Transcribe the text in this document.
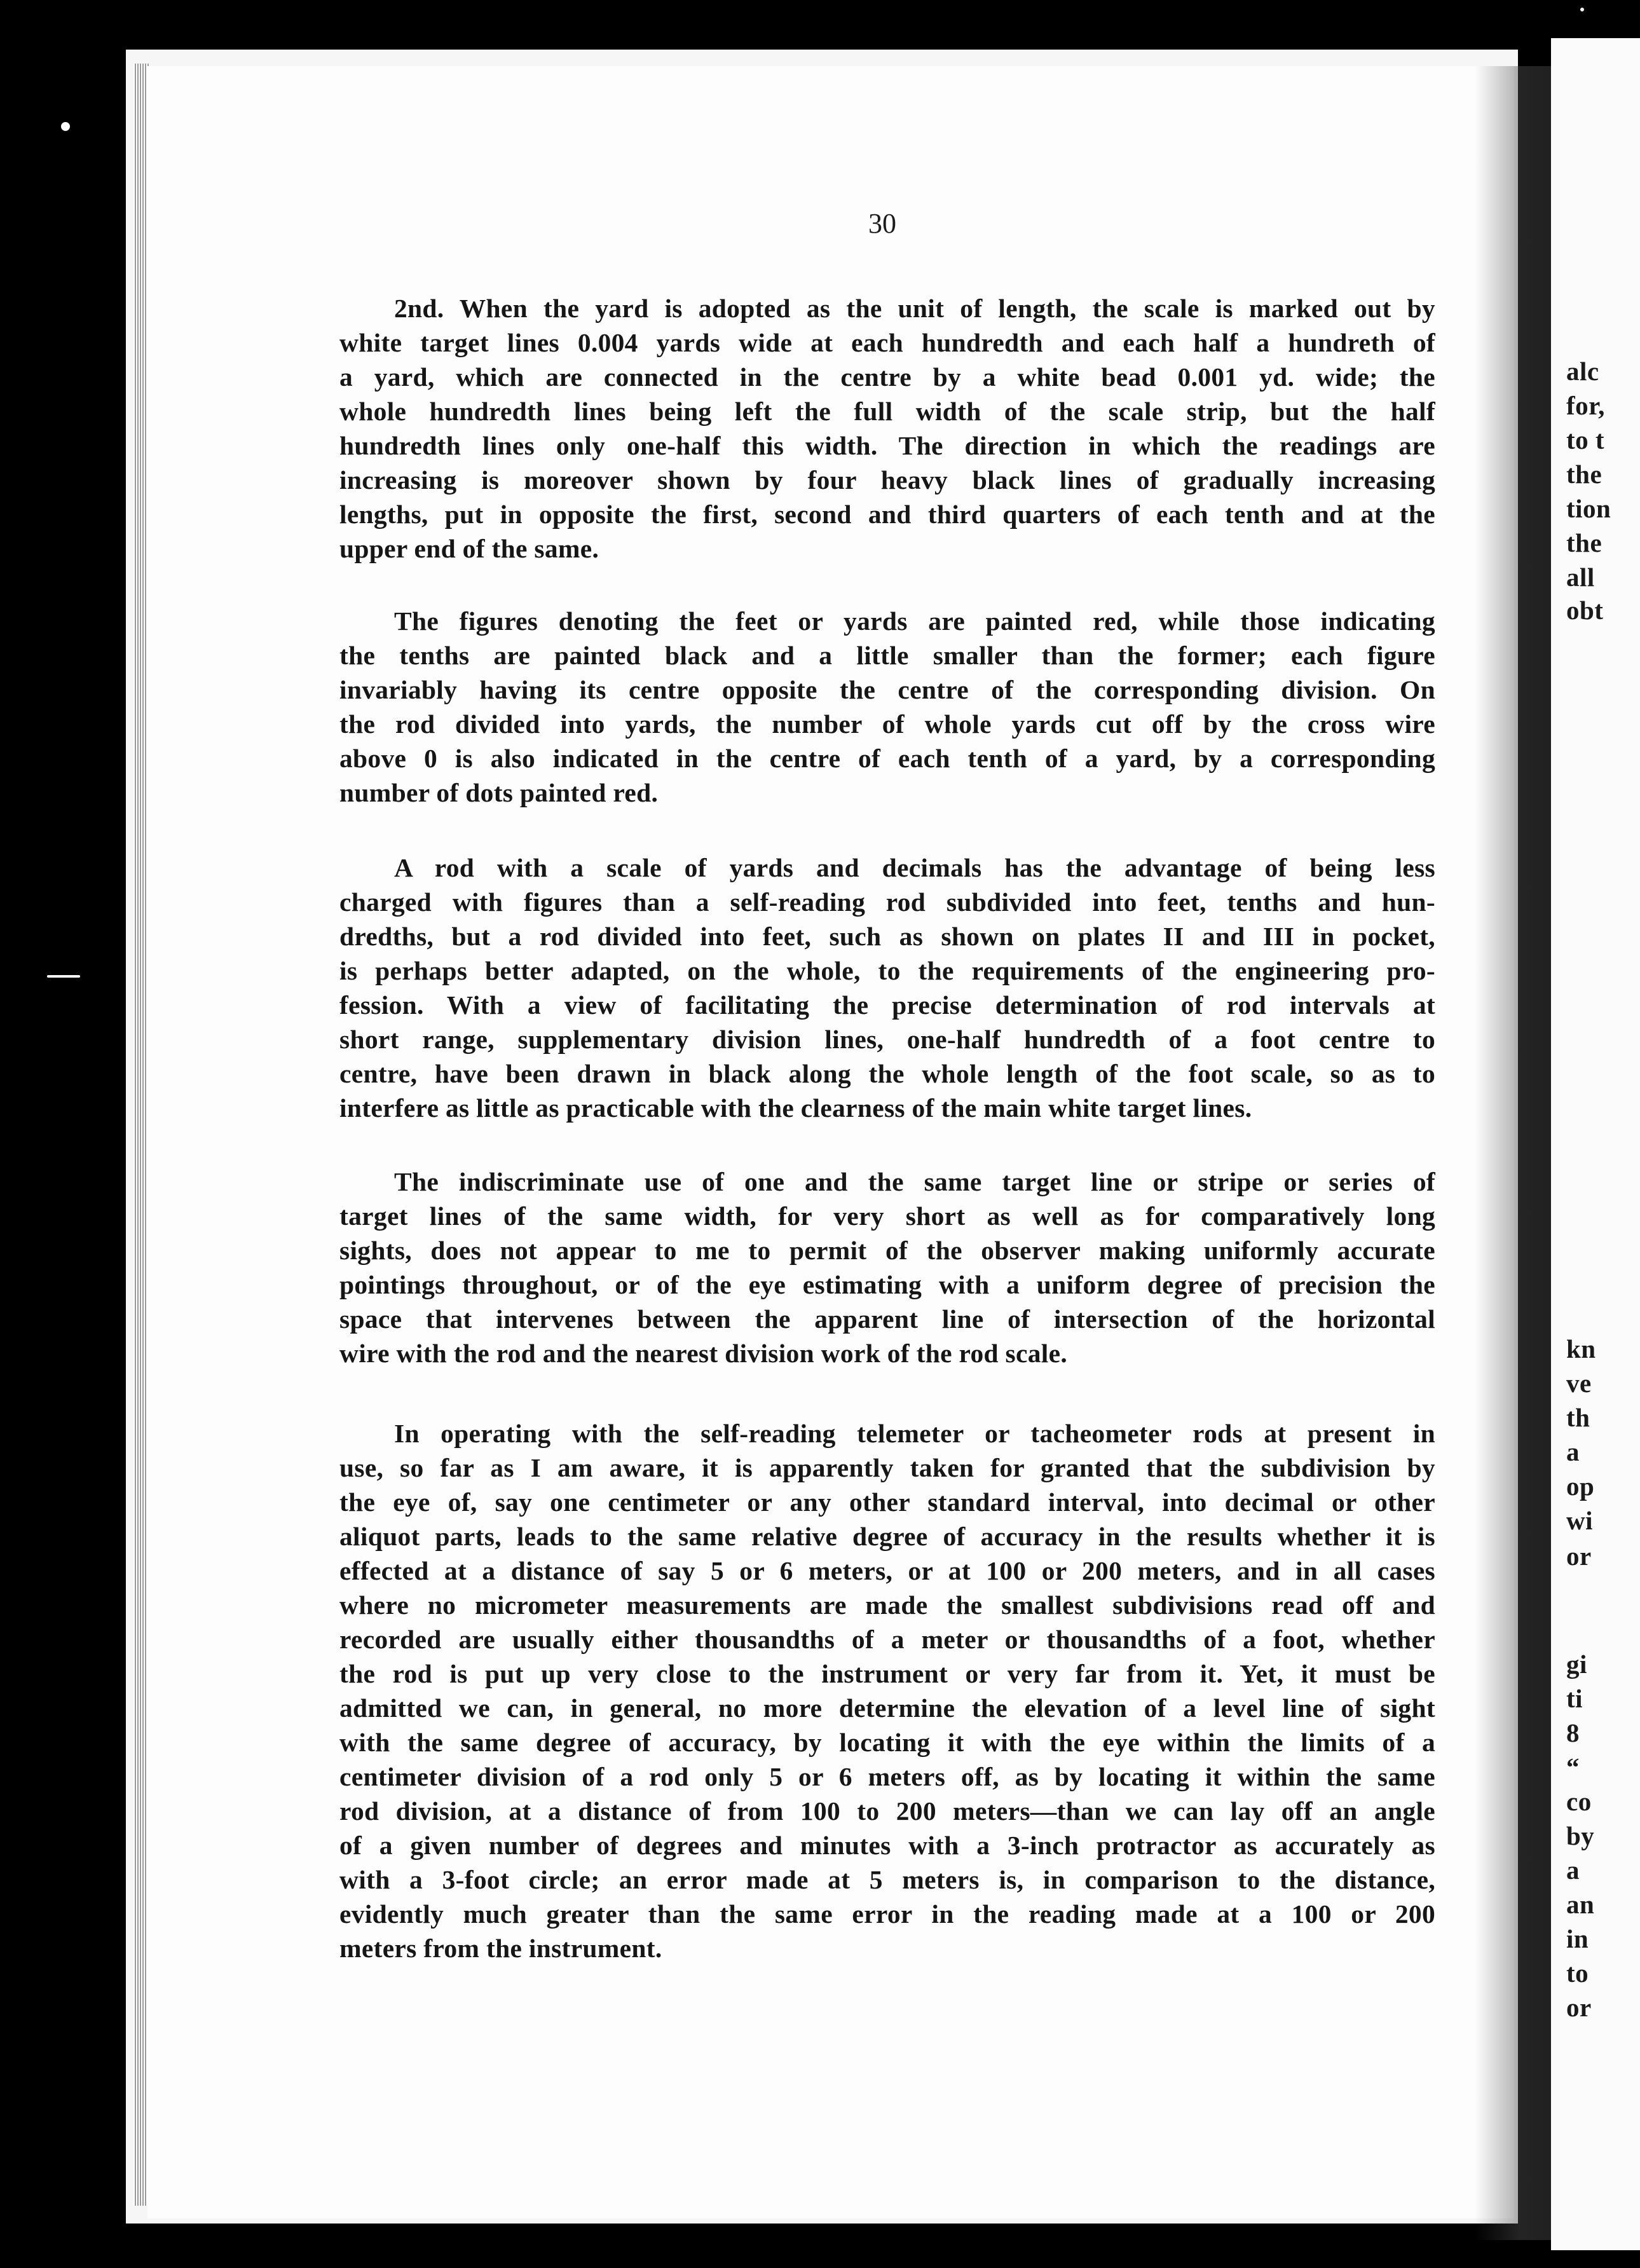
alc
for,
to t
the
tion
the
all
obt
kn
ve
th
a
op
wi
or
gi
ti
8
“
co
by
a
an
in
to
or
30
2nd. When the yard is adopted as the unit of length, the scale is marked out by
white target lines 0.004 yards wide at each hundredth and each half a hundreth of
a yard, which are connected in the centre by a white bead 0.001 yd. wide; the
whole hundredth lines being left the full width of the scale strip, but the half
hundredth lines only one-half this width. The direction in which the readings are
increasing is moreover shown by four heavy black lines of gradually increasing
lengths, put in opposite the first, second and third quarters of each tenth and at the
upper end of the same.
The figures denoting the feet or yards are painted red, while those indicating
the tenths are painted black and a little smaller than the former; each figure
invariably having its centre opposite the centre of the corresponding division. On
the rod divided into yards, the number of whole yards cut off by the cross wire
above 0 is also indicated in the centre of each tenth of a yard, by a corresponding
number of dots painted red.
A rod with a scale of yards and decimals has the advantage of being less
charged with figures than a self-reading rod subdivided into feet, tenths and hun-
dredths, but a rod divided into feet, such as shown on plates II and III in pocket,
is perhaps better adapted, on the whole, to the requirements of the engineering pro-
fession. With a view of facilitating the precise determination of rod intervals at
short range, supplementary division lines, one-half hundredth of a foot centre to
centre, have been drawn in black along the whole length of the foot scale, so as to
interfere as little as practicable with the clearness of the main white target lines.
The indiscriminate use of one and the same target line or stripe or series of
target lines of the same width, for very short as well as for comparatively long
sights, does not appear to me to permit of the observer making uniformly accurate
pointings throughout, or of the eye estimating with a uniform degree of precision the
space that intervenes between the apparent line of intersection of the horizontal
wire with the rod and the nearest division work of the rod scale.
In operating with the self-reading telemeter or tacheometer rods at present in
use, so far as I am aware, it is apparently taken for granted that the subdivision by
the eye of, say one centimeter or any other standard interval, into decimal or other
aliquot parts, leads to the same relative degree of accuracy in the results whether it is
effected at a distance of say 5 or 6 meters, or at 100 or 200 meters, and in all cases
where no micrometer measurements are made the smallest subdivisions read off and
recorded are usually either thousandths of a meter or thousandths of a foot, whether
the rod is put up very close to the instrument or very far from it. Yet, it must be
admitted we can, in general, no more determine the elevation of a level line of sight
with the same degree of accuracy, by locating it with the eye within the limits of a
centimeter division of a rod only 5 or 6 meters off, as by locating it within the same
rod division, at a distance of from 100 to 200 meters—than we can lay off an angle
of a given number of degrees and minutes with a 3-inch protractor as accurately as
with a 3-foot circle; an error made at 5 meters is, in comparison to the distance,
evidently much greater than the same error in the reading made at a 100 or 200
meters from the instrument.
